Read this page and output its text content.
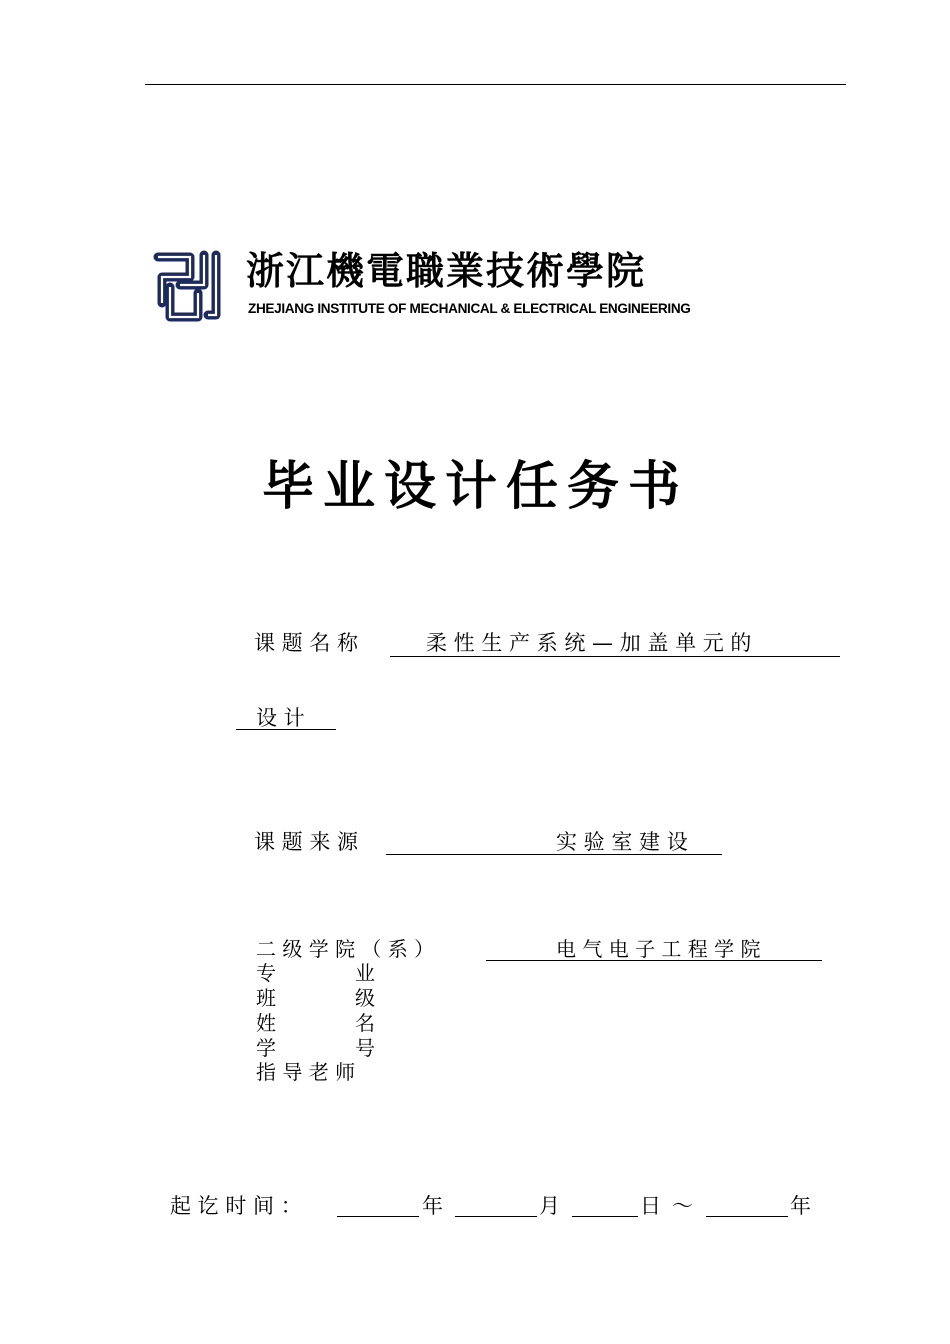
浙江機電職業技術學院
ZHEJIANG INSTITUTE OF MECHANICAL & ELECTRICAL ENGINEERING
毕业设计任务书
课 题 名 称	柔 性 生 产 系 统 — 加 盖 单 元 的
设 计
课 题 来 源	实 验 室 建 设
二 级 学 院 （ 系 ）	电 气 电 子 工 程 学 院
专	业
班	级
姓	名
学	号
指 导 老 师
起 讫 时 间 ：	年	月	日 ～	年
